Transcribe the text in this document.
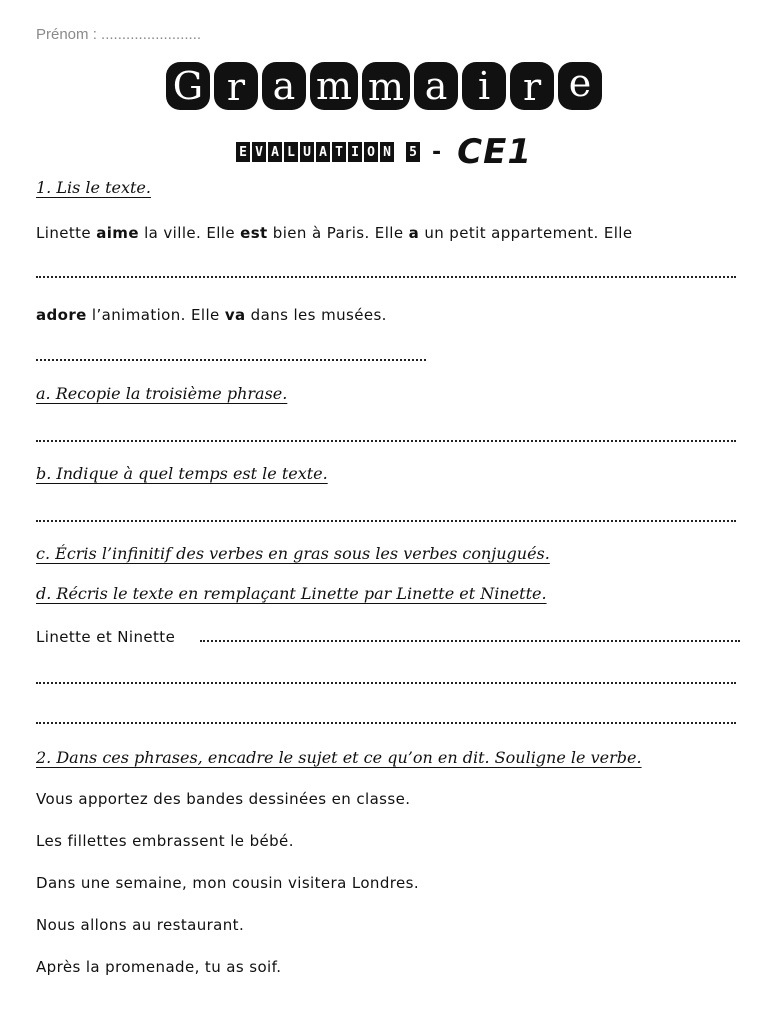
Prénom : ........................
G r a m m a i r e
E V A L U A T I O N 5 - CE1
1. Lis le texte.
Linette aime la ville. Elle est bien à Paris. Elle a un petit appartement. Elle
adore l’animation. Elle va dans les musées.
a. Recopie la troisième phrase.
b. Indique à quel temps est le texte.
c. Écris l’infinitif des verbes en gras sous les verbes conjugués.
d. Récris le texte en remplaçant Linette par Linette et Ninette.
Linette et Ninette
2. Dans ces phrases, encadre le sujet et ce qu’on en dit. Souligne le verbe.
Vous apportez des bandes dessinées en classe.
Les fillettes embrassent le bébé.
Dans une semaine, mon cousin visitera Londres.
Nous allons au restaurant.
Après la promenade, tu as soif.
